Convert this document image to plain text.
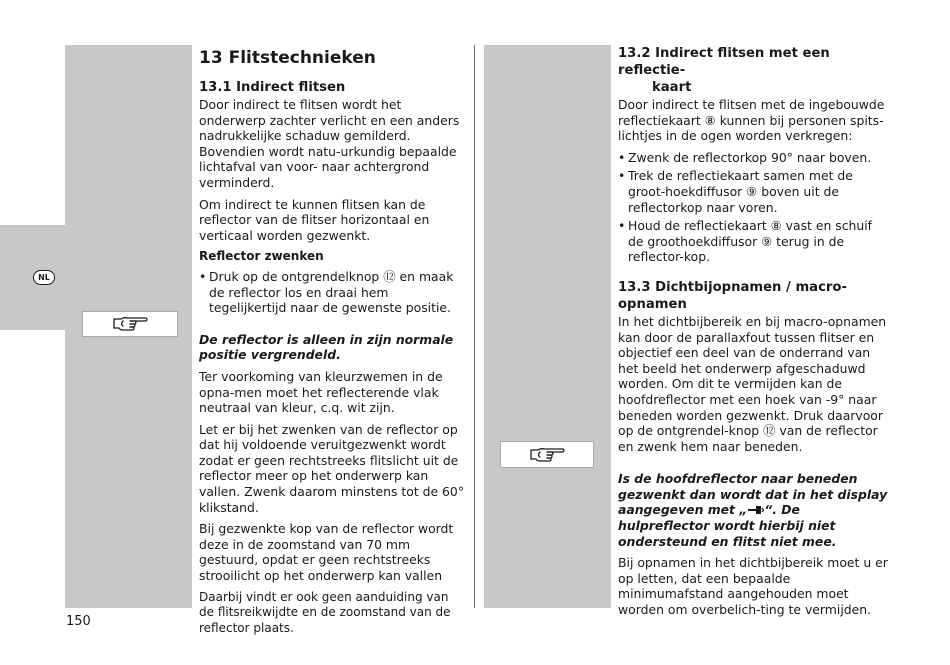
NL
13 Flitstechnieken
13.1 Indirect flitsen

Door indirect te flitsen wordt het onderwerp zachter verlicht en een anders nadrukkelijke schaduw gemilderd. Bovendien wordt natu-urkundig bepaalde lichtafval van voor- naar achtergrond verminderd.

Om indirect te kunnen flitsen kan de reflector van de flitser horizontaal en verticaal worden gezwenkt.

Reflector zwenken
• Druk op de ontgrendelknop ⑫ en maak de reflector los en draai hem tegelijkertijd naar de gewenste positie.

De reflector is alleen in zijn normale positie vergrendeld.

Ter voorkoming van kleurzwemen in de opna-men moet het reflecterende vlak neutraal van kleur, c.q. wit zijn.

Let er bij het zwenken van de reflector op dat hij voldoende veruitgezwenkt wordt zodat er geen rechtstreeks flitslicht uit de reflector meer op het onderwerp kan vallen. Zwenk daarom minstens tot de 60° klikstand.

Bij gezwenkte kop van de reflector wordt deze in de zoomstand van 70 mm gestuurd, opdat er geen rechtstreeks strooilicht op het onderwerp kan vallen

Daarbij vindt er ook geen aanduiding van de flitsreikwijdte en de zoomstand van de reflector plaats.

13.2 Indirect flitsen met een reflectie-
kaart

Door indirect te flitsen met de ingebouwde reflectiekaart ⑧ kunnen bij personen spits-lichtjes in de ogen worden verkregen:

• Zwenk de reflectorkop 90° naar boven.
• Trek de reflectiekaart samen met de groot-hoekdiffusor ⑨ boven uit de reflectorkop naar voren.
• Houd de reflectiekaart ⑧ vast en schuif de groothoekdiffusor ⑨ terug in de reflector-kop.
13.3 Dichtbijopnamen / macro-opnamen

In het dichtbijbereik en bij macro-opnamen kan door de parallaxfout tussen flitser en objectief een deel van de onderrand van het beeld het onderwerp afgeschaduwd worden. Om dit te vermijden kan de hoofdreflector met een hoek van -9° naar beneden worden gezwenkt. Druk daarvoor op de ontgrendel-knop ⑫ van de reflector en zwenk hem naar beneden.

Is de hoofdreflector naar beneden gezwenkt dan wordt dat in het display aangegeven met „ “. De hulpreflector wordt hierbij niet ondersteund en flitst niet mee.

Bij opnamen in het dichtbijbereik moet u er op letten, dat een bepaalde minimumafstand aangehouden moet worden om overbelich-ting te vermijden.

150
